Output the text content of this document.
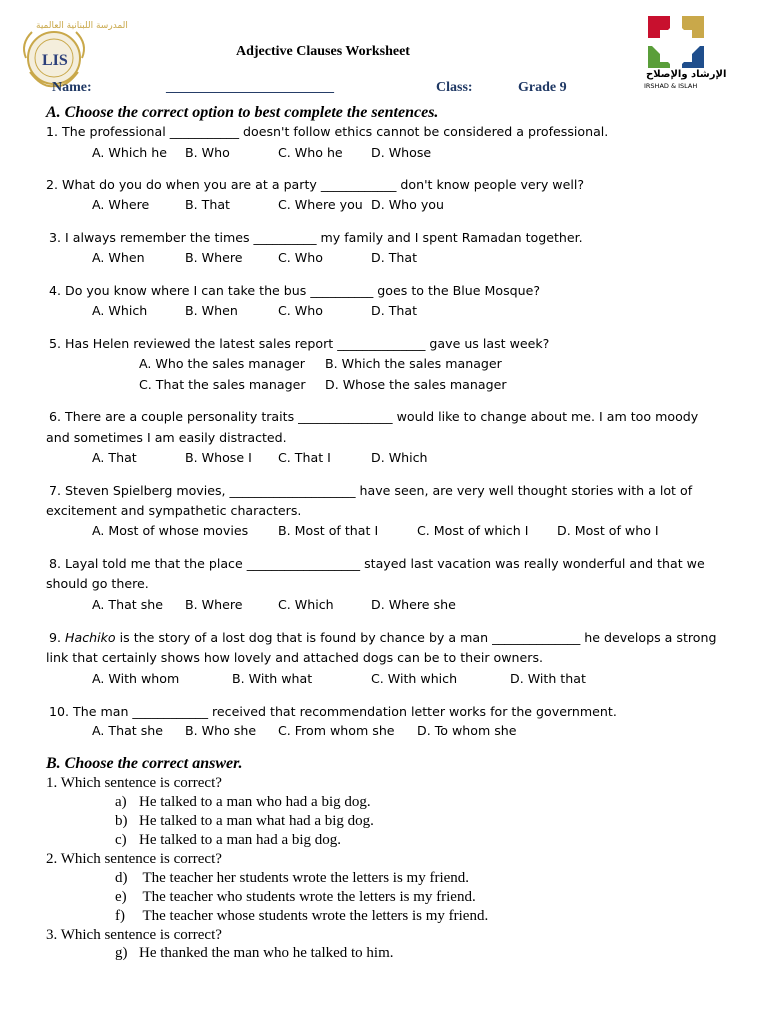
المدرسة اللبنانية العالمية
LIS
Adjective Clauses Worksheet
الإرشاد والإصلاح
IRSHAD & ISLAH
Name:	________________________	Class:	Grade 9
A. Choose the correct option to best complete the sentences.
1. The professional ___________ doesn't follow ethics cannot be considered a professional.
A. Which he B. Who	C. Who he D. Whose
2. What do you do when you are at a party ____________ don't know people very well?
A. Where	B. That	C. Where you D. Who you
3. I always remember the times __________ my family and I spent Ramadan together.
A. When	B. Where	C. Who	D. That
4. Do you know where I can take the bus __________ goes to the Blue Mosque?
A. Which	B. When	C. Who	D. That
5. Has Helen reviewed the latest sales report ______________ gave us last week?
A. Who the sales manager B. Which the sales manager
C. That the sales manager D. Whose the sales manager
6. There are a couple personality traits _______________ would like to change about me. I am too moody
and sometimes I am easily distracted.
A. That	B. Whose I C. That I	D. Which
7. Steven Spielberg movies, ____________________ have seen, are very well thought stories with a lot of
excitement and sympathetic characters.
A. Most of whose movies B. Most of that I	C. Most of which I D. Most of who I
8. Layal told me that the place __________________ stayed last vacation was really wonderful and that we
should go there.
A. That she B. Where	C. Which	D. Where she
9. Hachiko is the story of a lost dog that is found by chance by a man ______________ he develops a strong
link that certainly shows how lovely and attached dogs can be to their owners.
A. With whom	B. With what	C. With which	D. With that
10. The man ____________ received that recommendation letter works for the government.
A. That she B. Who she C. From whom she D. To whom she
B. Choose the correct answer.
1. Which sentence is correct?
a) He talked to a man who had a big dog.
b) He talked to a man what had a big dog.
c) He talked to a man had a big dog.
2. Which sentence is correct?
d) The teacher her students wrote the letters is my friend.
e) The teacher who students wrote the letters is my friend.
f) The teacher whose students wrote the letters is my friend.
3. Which sentence is correct?
g) He thanked the man who he talked to him.
